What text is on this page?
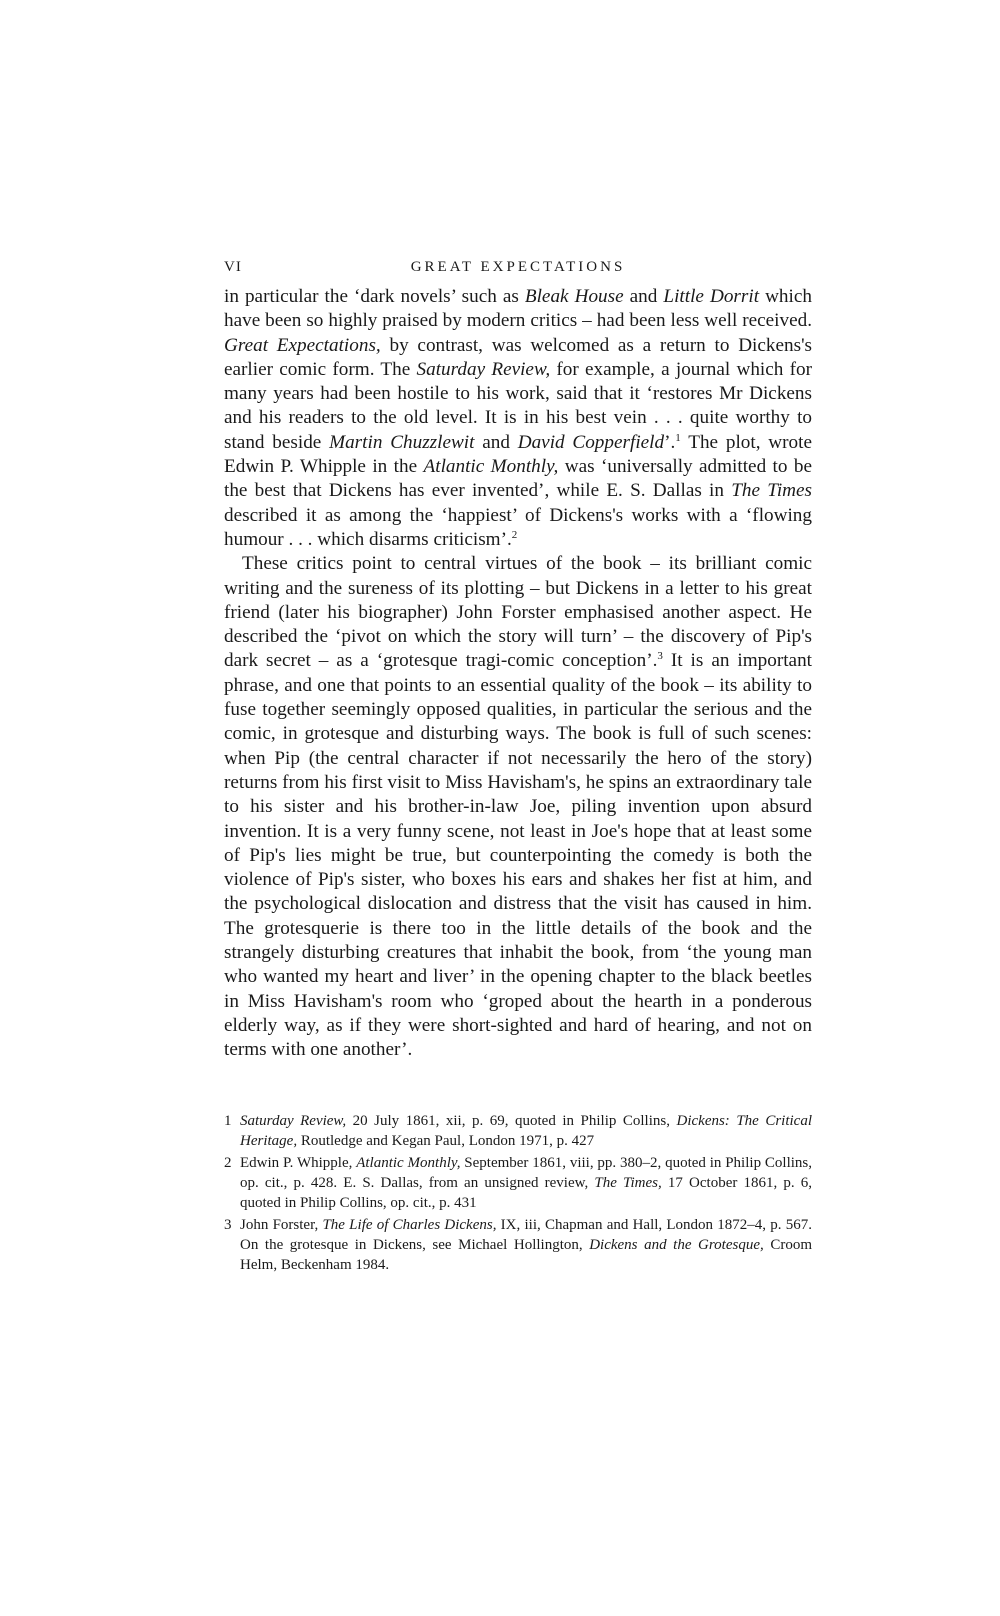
VI	GREAT EXPECTATIONS

in particular the ‘dark novels’ such as Bleak House and Little Dorrit which have been so highly praised by modern critics – had been less well received. Great Expectations, by contrast, was welcomed as a return to Dickens's earlier comic form. The Saturday Review, for example, a journal which for many years had been hostile to his work, said that it ‘restores Mr Dickens and his readers to the old level. It is in his best vein . . . quite worthy to stand beside Martin Chuzzlewit and David Copperfield’.$^1$ The plot, wrote Edwin P. Whipple in the Atlantic Monthly, was ‘universally admitted to be the best that Dickens has ever invented’, while E. S. Dallas in The Times described it as among the ‘happiest’ of Dickens's works with a ‘flowing humour . . . which disarms criticism’.$^2$

These critics point to central virtues of the book – its brilliant comic writing and the sureness of its plotting – but Dickens in a letter to his great friend (later his biographer) John Forster emphasised another aspect. He described the ‘pivot on which the story will turn’ – the discovery of Pip's dark secret – as a ‘grotesque tragi-comic conception’.$^3$ It is an important phrase, and one that points to an essential quality of the book – its ability to fuse together seemingly opposed qualities, in particular the serious and the comic, in grotesque and disturbing ways. The book is full of such scenes: when Pip (the central character if not necessarily the hero of the story) returns from his first visit to Miss Havisham's, he spins an extraordinary tale to his sister and his brother-in-law Joe, piling invention upon absurd invention. It is a very funny scene, not least in Joe's hope that at least some of Pip's lies might be true, but counterpointing the comedy is both the violence of Pip's sister, who boxes his ears and shakes her fist at him, and the psychological dislocation and distress that the visit has caused in him. The grotesquerie is there too in the little details of the book and the strangely disturbing creatures that inhabit the book, from ‘the young man who wanted my heart and liver’ in the opening chapter to the black beetles in Miss Havisham's room who ‘groped about the hearth in a ponderous elderly way, as if they were short-sighted and hard of hearing, and not on terms with one another’.

1 Saturday Review, 20 July 1861, xii, p. 69, quoted in Philip Collins, Dickens: The Critical Heritage, Routledge and Kegan Paul, London 1971, p. 427
2 Edwin P. Whipple, Atlantic Monthly, September 1861, viii, pp. 380–2, quoted in Philip Collins, op. cit., p. 428. E. S. Dallas, from an unsigned review, The Times, 17 October 1861, p. 6, quoted in Philip Collins, op. cit., p. 431
3 John Forster, The Life of Charles Dickens, IX, iii, Chapman and Hall, London 1872–4, p. 567. On the grotesque in Dickens, see Michael Hollington, Dickens and the Grotesque, Croom Helm, Beckenham 1984.
